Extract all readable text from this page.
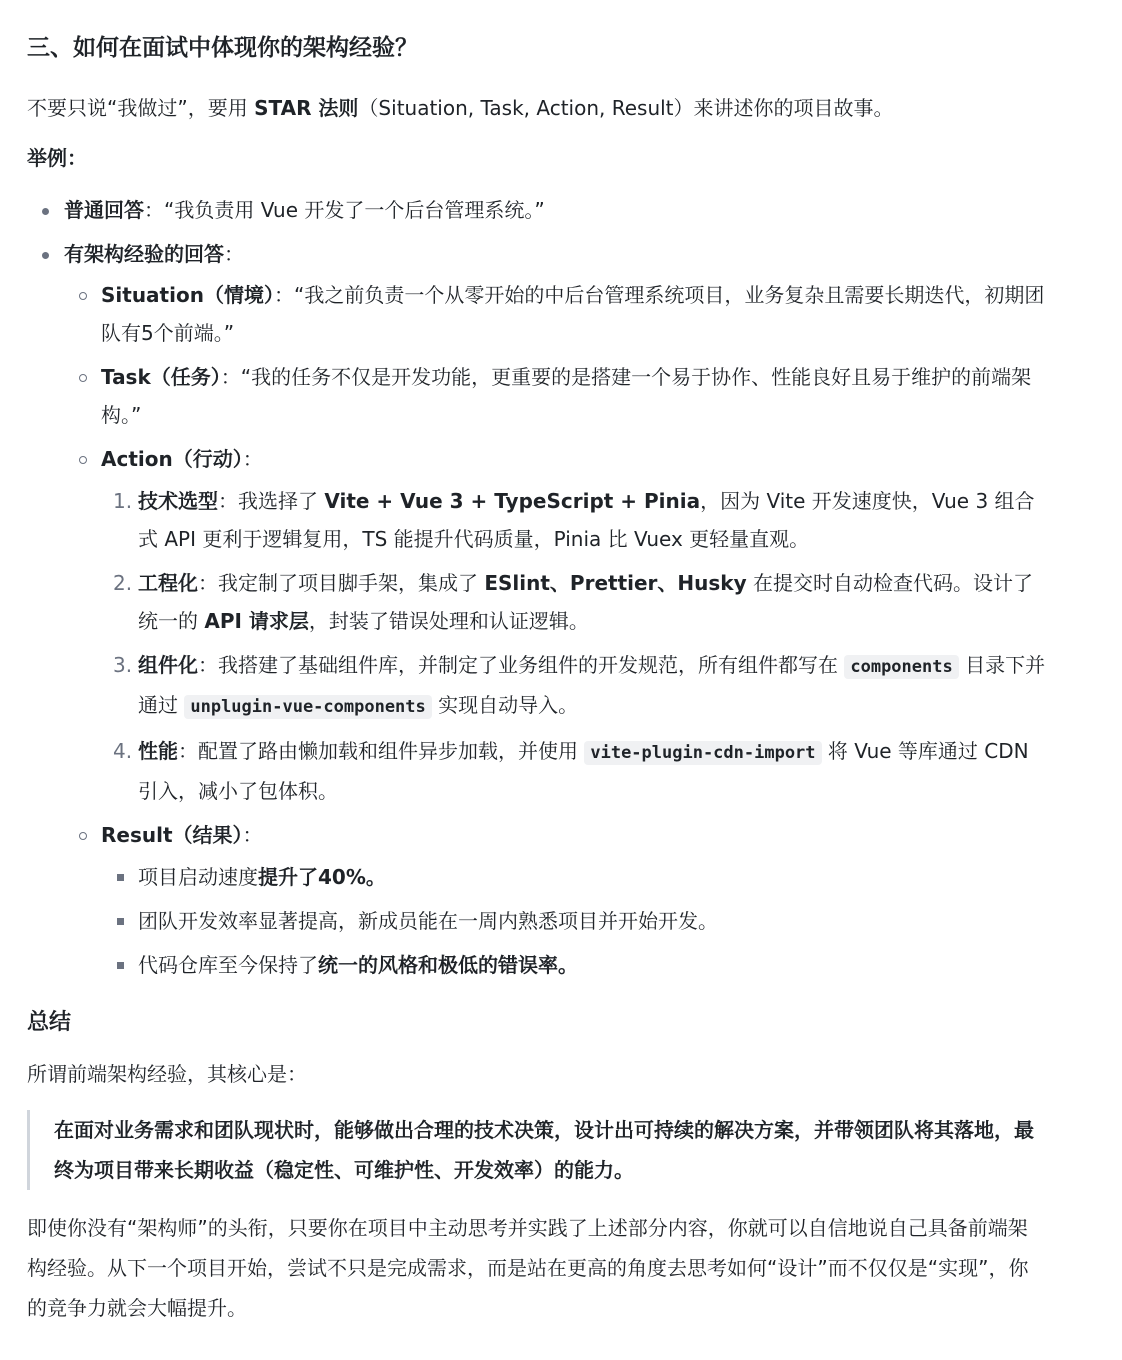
三、如何在面试中体现你的架构经验？

不要只说“我做过”，要用 STAR 法则（Situation, Task, Action, Result）来讲述你的项目故事。

举例：

普通回答：“我负责用 Vue 开发了一个后台管理系统。”
有架构经验的回答：
Situation（情境）：“我之前负责一个从零开始的中后台管理系统项目，业务复杂且需要长期迭代，初期团队有5个前端。”
Task（任务）：“我的任务不仅是开发功能，更重要的是搭建一个易于协作、性能良好且易于维护的前端架构。”
Action（行动）：
1. 技术选型：我选择了 Vite + Vue 3 + TypeScript + Pinia，因为 Vite 开发速度快，Vue 3 组合式 API 更利于逻辑复用，TS 能提升代码质量，Pinia 比 Vuex 更轻量直观。
2. 工程化：我定制了项目脚手架，集成了 ESlint、Prettier、Husky 在提交时自动检查代码。设计了统一的 API 请求层，封装了错误处理和认证逻辑。
3. 组件化：我搭建了基础组件库，并制定了业务组件的开发规范，所有组件都写在 components 目录下并通过 unplugin-vue-components 实现自动导入。
4. 性能：配置了路由懒加载和组件异步加载，并使用 vite-plugin-cdn-import 将 Vue 等库通过 CDN 引入，减小了包体积。
Result（结果）：
项目启动速度提升了40%。
团队开发效率显著提高，新成员能在一周内熟悉项目并开始开发。
代码仓库至今保持了统一的风格和极低的错误率。
总结

所谓前端架构经验，其核心是：

在面对业务需求和团队现状时，能够做出合理的技术决策，设计出可持续的解决方案，并带领团队将其落地，最终为项目带来长期收益（稳定性、可维护性、开发效率）的能力。

即使你没有“架构师”的头衔，只要你在项目中主动思考并实践了上述部分内容，你就可以自信地说自己具备前端架构经验。从下一个项目开始，尝试不只是完成需求，而是站在更高的角度去思考如何“设计”而不仅仅是“实现”，你的竞争力就会大幅提升。
